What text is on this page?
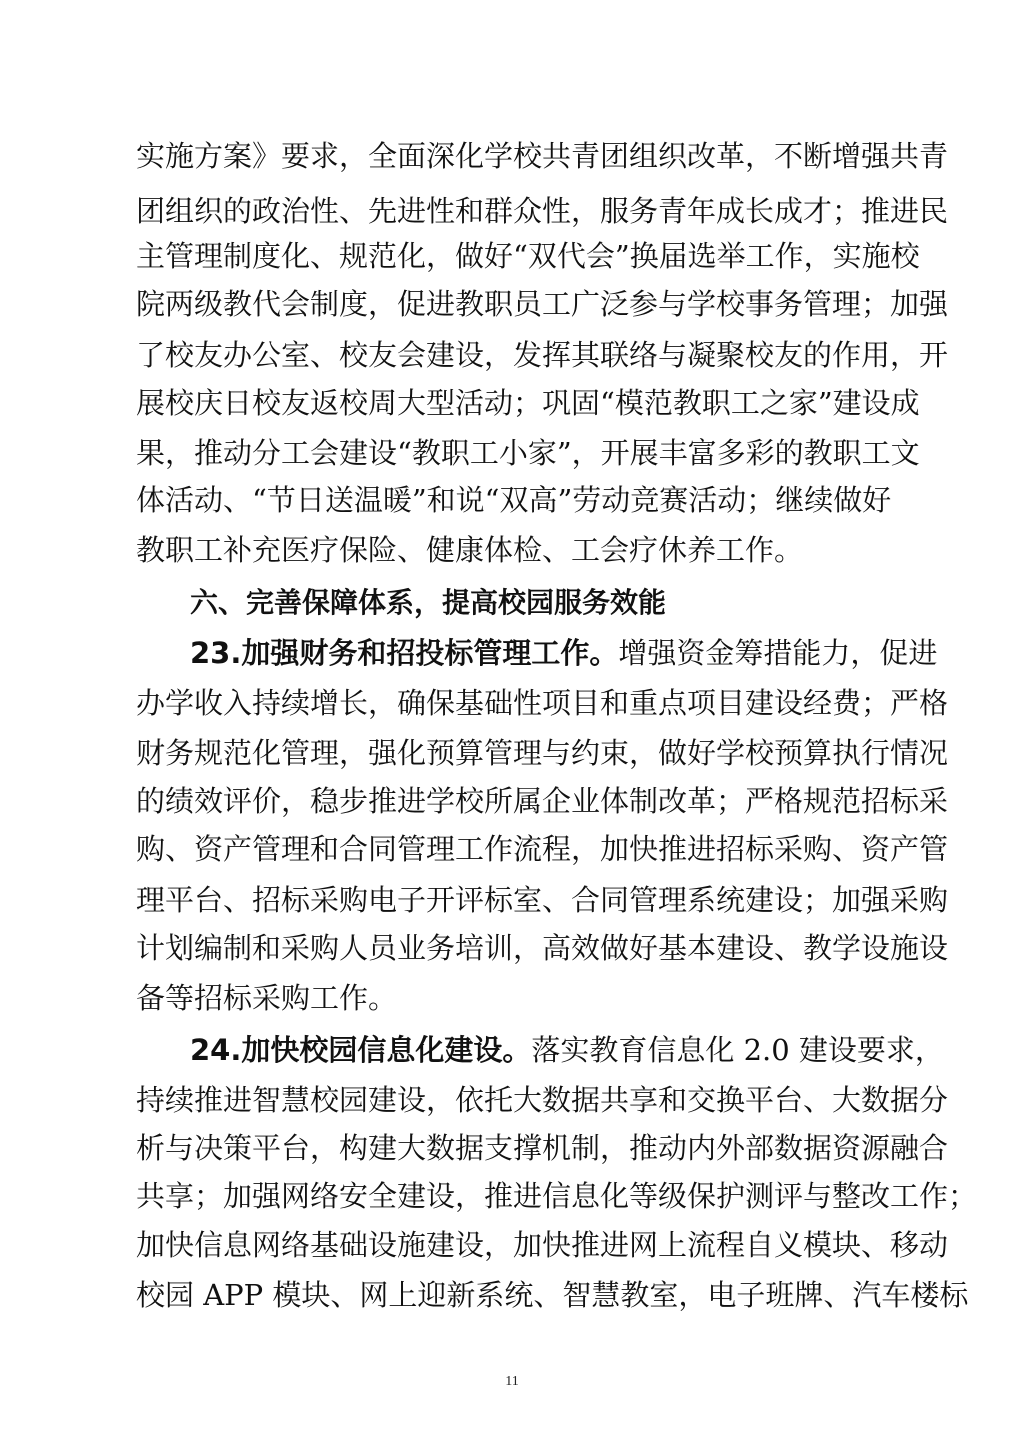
实施方案》要求，全面深化学校共青团组织改革，不断增强共青
团组织的政治性、先进性和群众性，服务青年成长成才；推进民
主管理制度化、规范化，做好“双代会”换届选举工作，实施校
院两级教代会制度，促进教职员工广泛参与学校事务管理；加强
了校友办公室、校友会建设，发挥其联络与凝聚校友的作用，开
展校庆日校友返校周大型活动；巩固“模范教职工之家”建设成
果，推动分工会建设“教职工小家”，开展丰富多彩的教职工文
体活动、“节日送温暖”和说“双高”劳动竞赛活动；继续做好
教职工补充医疗保险、健康体检、工会疗休养工作。
六、完善保障体系，提高校园服务效能
23.加强财务和招投标管理工作。增强资金筹措能力，促进
办学收入持续增长，确保基础性项目和重点项目建设经费；严格
财务规范化管理，强化预算管理与约束，做好学校预算执行情况
的绩效评价，稳步推进学校所属企业体制改革；严格规范招标采
购、资产管理和合同管理工作流程，加快推进招标采购、资产管
理平台、招标采购电子开评标室、合同管理系统建设；加强采购
计划编制和采购人员业务培训，高效做好基本建设、教学设施设
备等招标采购工作。
24.加快校园信息化建设。落实教育信息化 2.0 建设要求，
持续推进智慧校园建设，依托大数据共享和交换平台、大数据分
析与决策平台，构建大数据支撑机制，推动内外部数据资源融合
共享；加强网络安全建设，推进信息化等级保护测评与整改工作；
加快信息网络基础设施建设，加快推进网上流程自义模块、移动
校园 APP 模块、网上迎新系统、智慧教室，电子班牌、汽车楼标
11
